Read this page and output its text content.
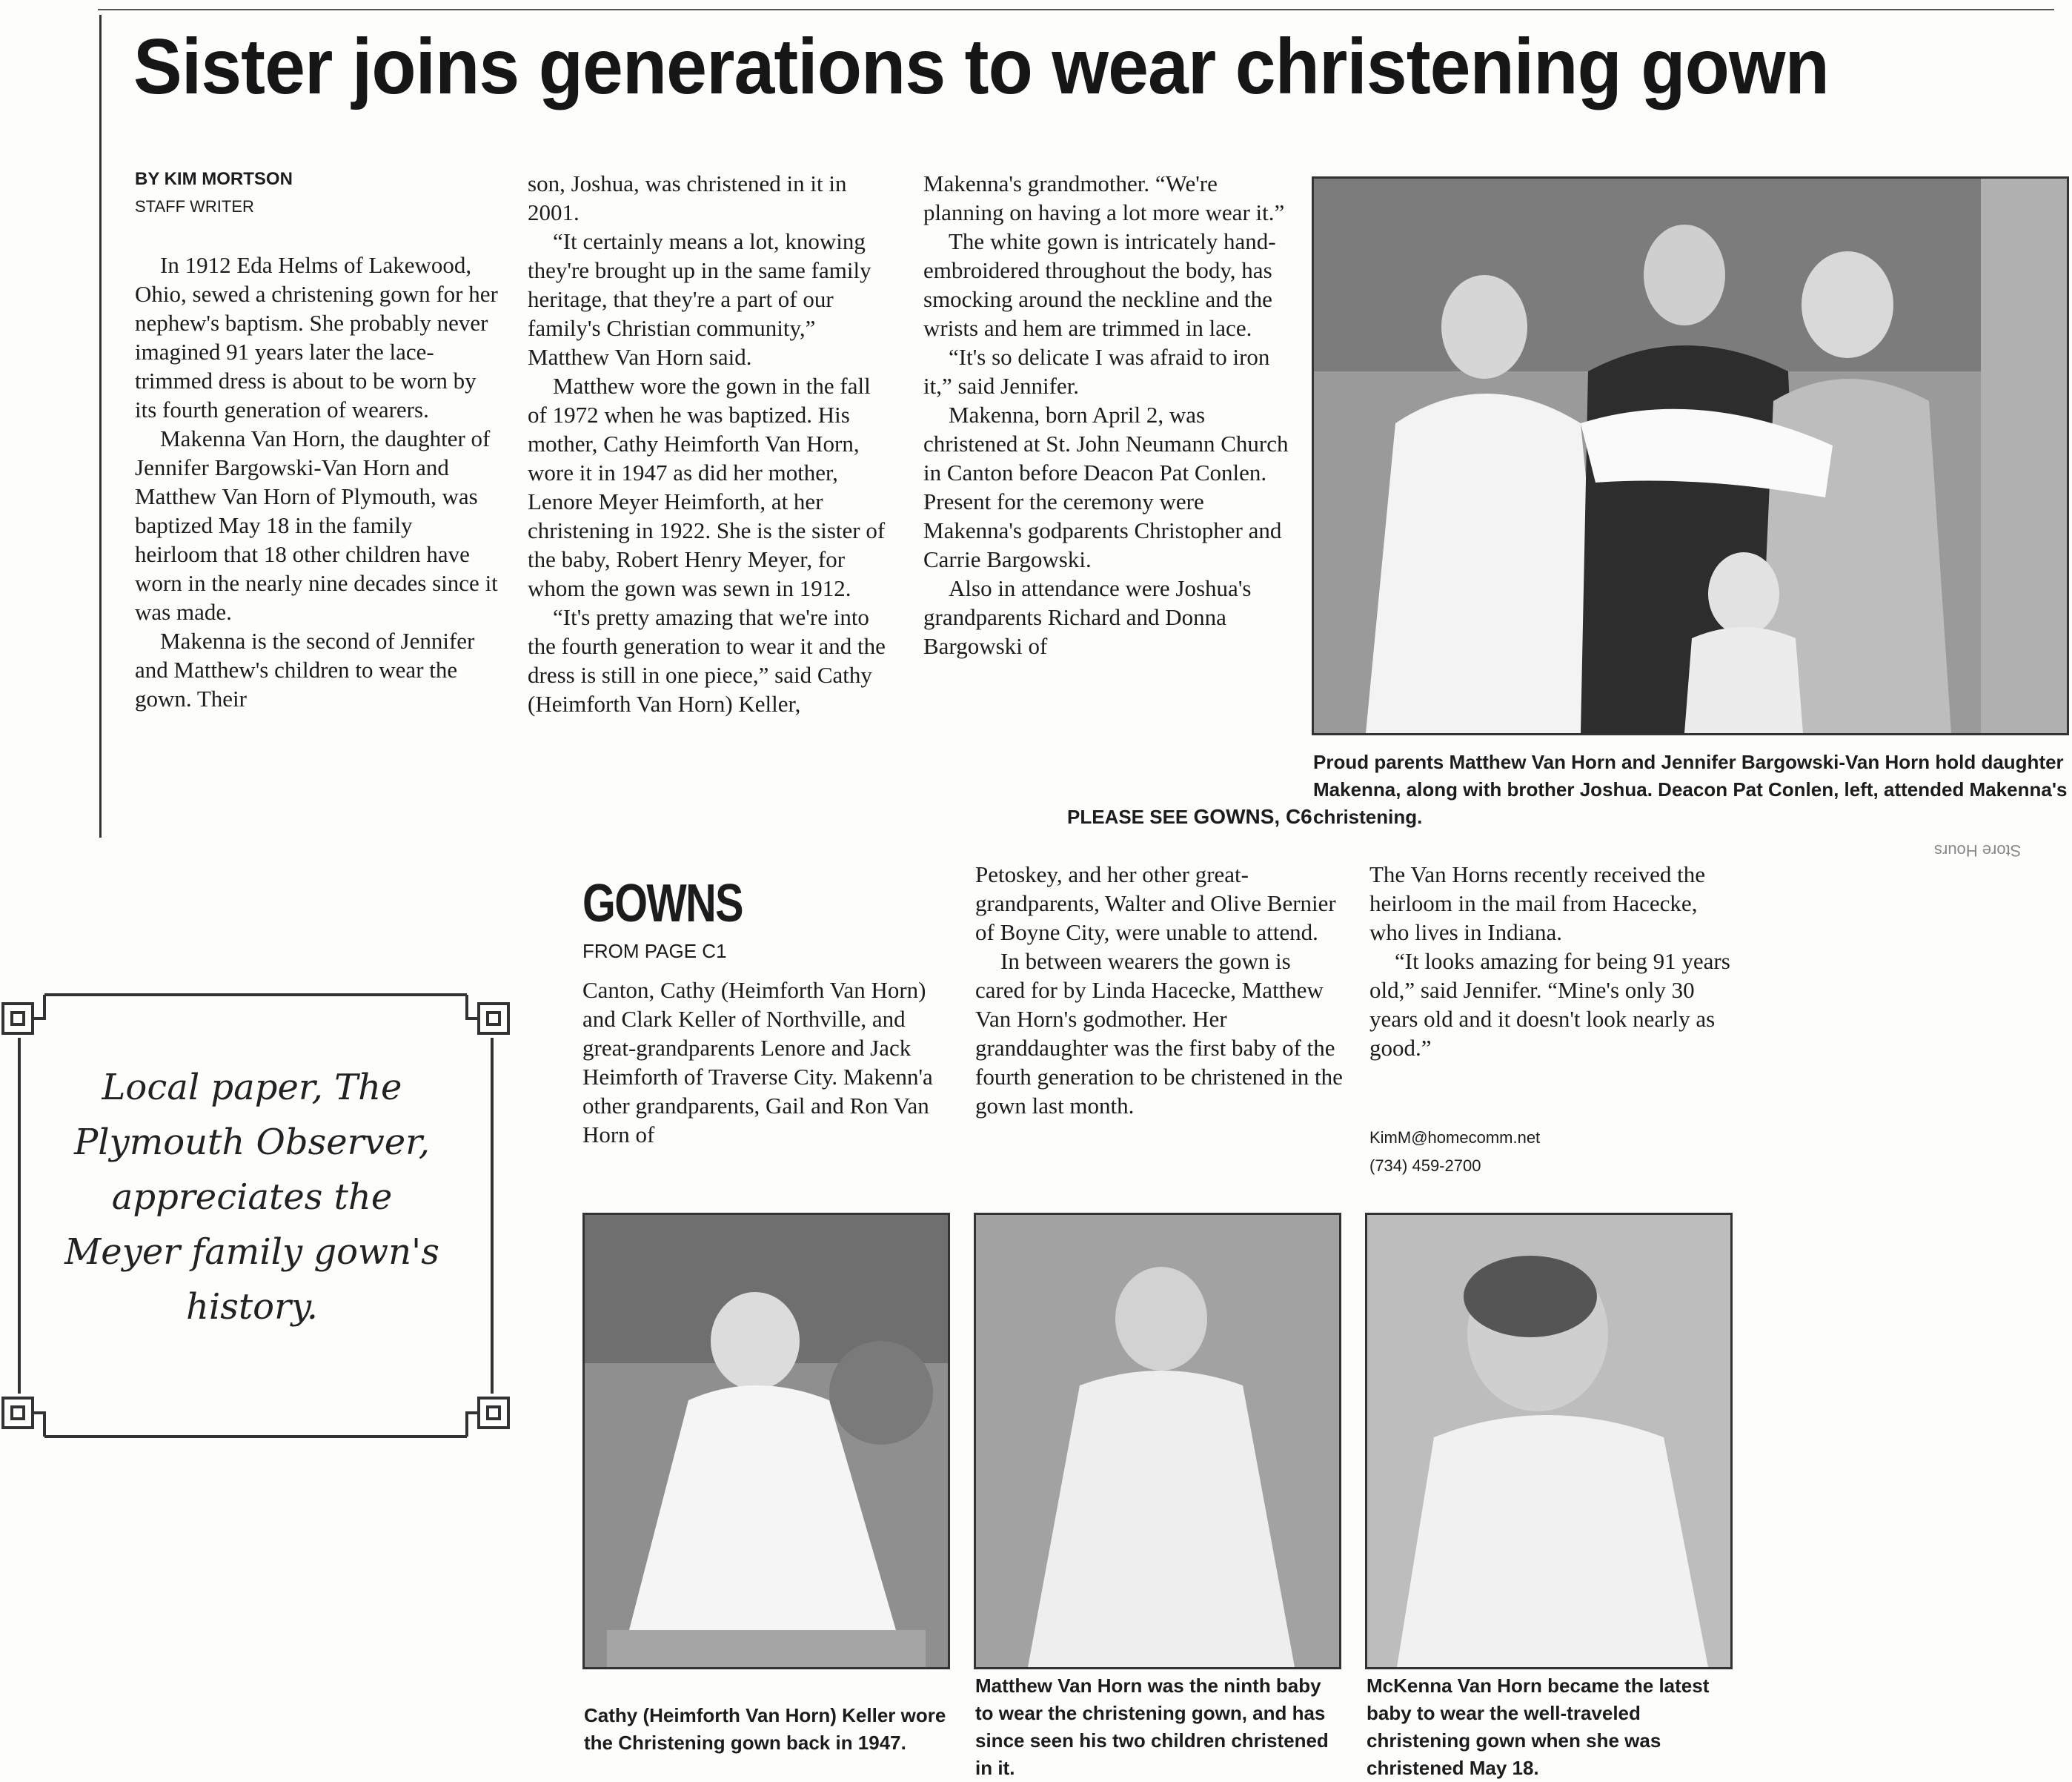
Sister joins generations to wear christening gown
BY KIM MORTSON
STAFF WRITER

In 1912 Eda Helms of Lakewood, Ohio, sewed a christening gown for her nephew's baptism. She probably never imagined 91 years later the lace-trimmed dress is about to be worn by its fourth generation of wearers.

Makenna Van Horn, the daughter of Jennifer Bargowski-Van Horn and Matthew Van Horn of Plymouth, was baptized May 18 in the family heirloom that 18 other children have worn in the nearly nine decades since it was made.

Makenna is the second of Jennifer and Matthew's children to wear the gown. Their

son, Joshua, was christened in it in 2001.

“It certainly means a lot, knowing they're brought up in the same family heritage, that they're a part of our family's Christian community,” Matthew Van Horn said.

Matthew wore the gown in the fall of 1972 when he was baptized. His mother, Cathy Heimforth Van Horn, wore it in 1947 as did her mother, Lenore Meyer Heimforth, at her christening in 1922. She is the sister of the baby, Robert Henry Meyer, for whom the gown was sewn in 1912.

“It's pretty amazing that we're into the fourth generation to wear it and the dress is still in one piece,” said Cathy (Heimforth Van Horn) Keller,

Makenna's grandmother. “We're planning on having a lot more wear it.”

The white gown is intricately hand-embroidered throughout the body, has smocking around the neckline and the wrists and hem are trimmed in lace.

“It's so delicate I was afraid to iron it,” said Jennifer.

Makenna, born April 2, was christened at St. John Neumann Church in Canton before Deacon Pat Conlen. Present for the ceremony were Makenna's godparents Christopher and Carrie Bargowski.

Also in attendance were Joshua's grandparents Richard and Donna Bargowski of

PLEASE SEE GOWNS, C6
Proud parents Matthew Van Horn and Jennifer Bargowski-Van Horn hold daughter Makenna, along with brother Joshua. Deacon Pat Conlen, left, attended Makenna's christening.
Store Hours
GOWNS
FROM PAGE C1

Canton, Cathy (Heimforth Van Horn) and Clark Keller of Northville, and great-grandparents Lenore and Jack Heimforth of Traverse City. Makenn'a other grandparents, Gail and Ron Van Horn of

Petoskey, and her other great-grandparents, Walter and Olive Bernier of Boyne City, were unable to attend.

In between wearers the gown is cared for by Linda Hacecke, Matthew Van Horn's godmother. Her granddaughter was the first baby of the fourth generation to be christened in the gown last month.

The Van Horns recently received the heirloom in the mail from Hacecke, who lives in Indiana.

“It looks amazing for being 91 years old,” said Jennifer. “Mine's only 30 years old and it doesn't look nearly as good.”

KimM@homecomm.net
(734) 459-2700
Cathy (Heimforth Van Horn) Keller wore the Christening gown back in 1947.
Matthew Van Horn was the ninth baby to wear the christening gown, and has since seen his two children christened in it.
McKenna Van Horn became the latest baby to wear the well-traveled christening gown when she was christened May 18.
Local paper, The
Plymouth Observer,
appreciates the
Meyer family gown's
history.
